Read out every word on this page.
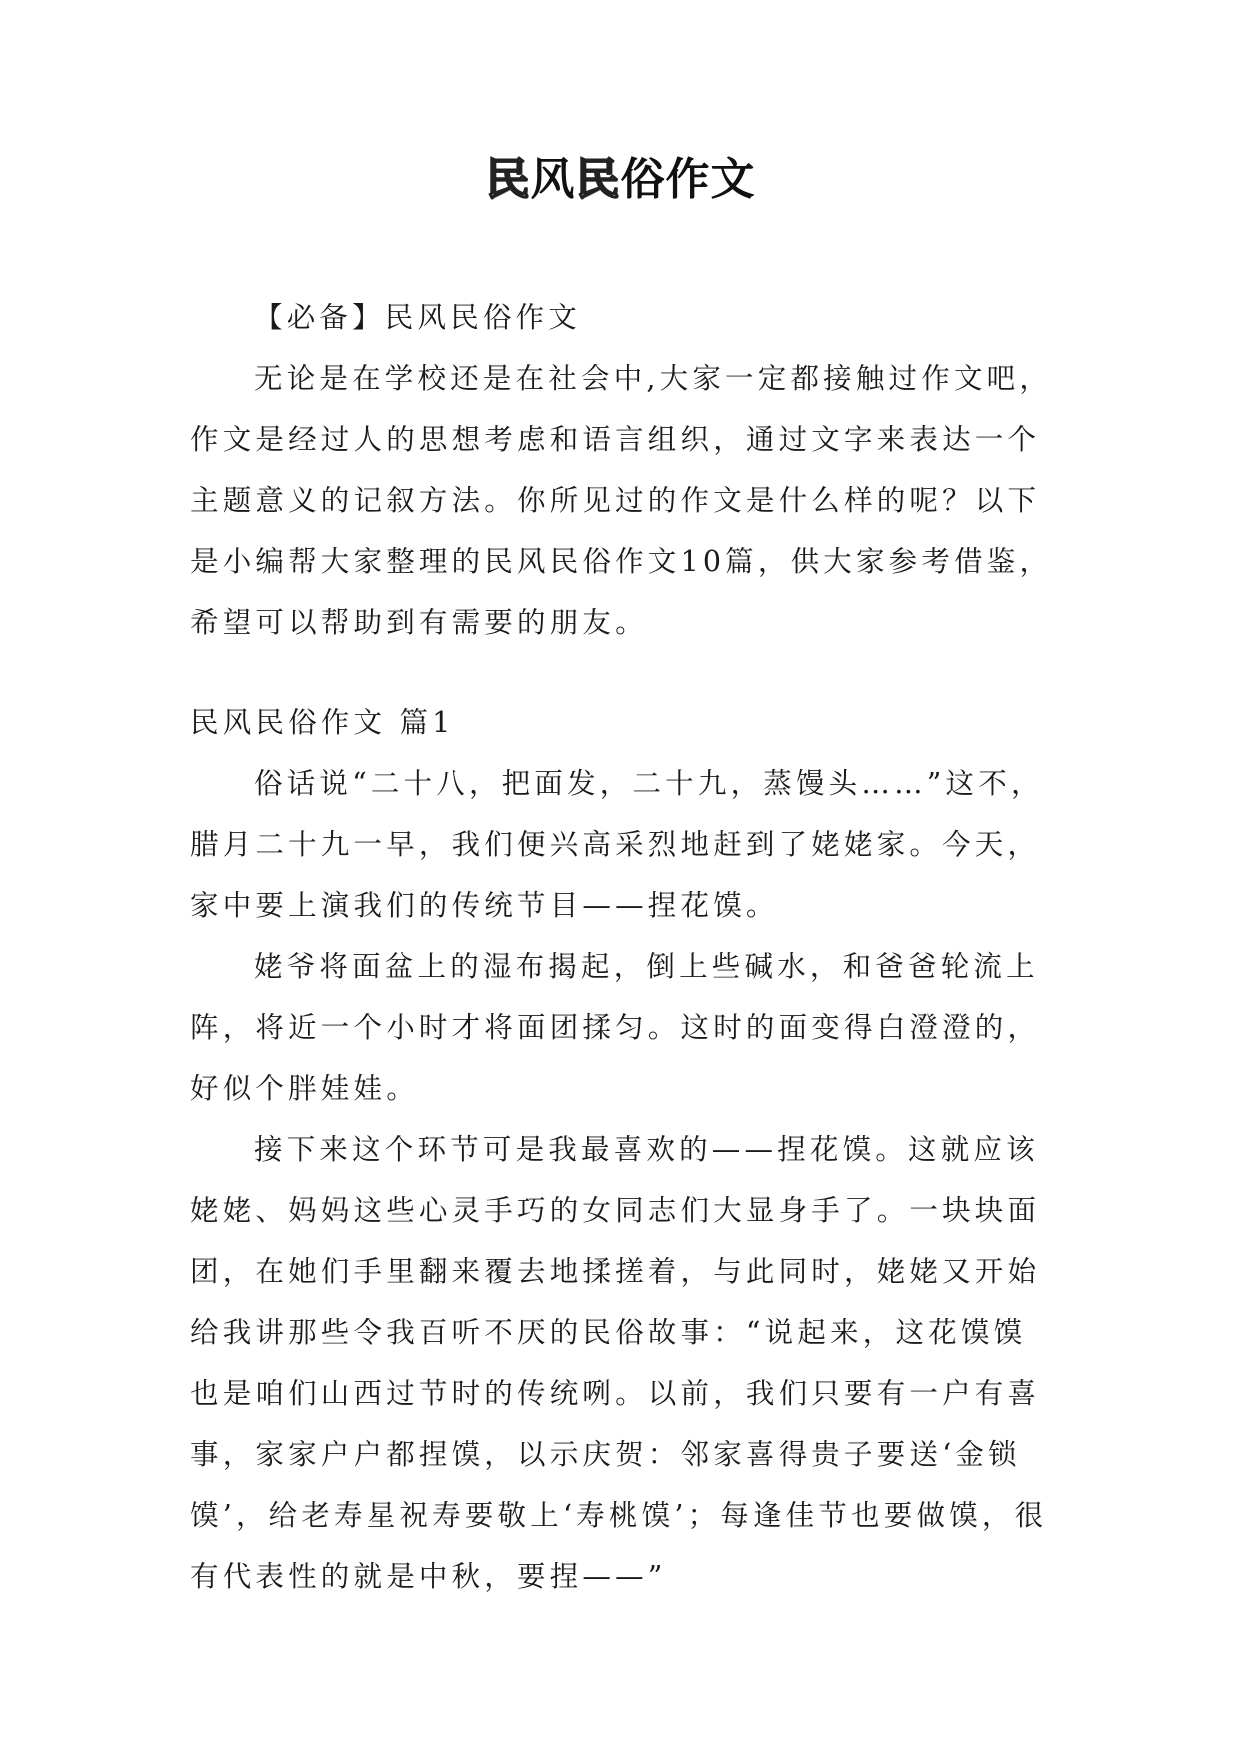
民风民俗作文

【必备】民风民俗作文

无论是在学校还是在社会中,大家一定都接触过作文吧，作文是经过人的思想考虑和语言组织，通过文字来表达一个主题意义的记叙方法。你所见过的作文是什么样的呢？以下是小编帮大家整理的民风民俗作文10篇，供大家参考借鉴，希望可以帮助到有需要的朋友。

民风民俗作文 篇1

俗话说“二十八，把面发，二十九，蒸馒头……”这不，腊月二十九一早，我们便兴高采烈地赶到了姥姥家。今天，家中要上演我们的传统节目——捏花馍。

姥爷将面盆上的湿布揭起，倒上些碱水，和爸爸轮流上阵，将近一个小时才将面团揉匀。这时的面变得白澄澄的，好似个胖娃娃。

接下来这个环节可是我最喜欢的——捏花馍。这就应该姥姥、妈妈这些心灵手巧的女同志们大显身手了。一块块面团，在她们手里翻来覆去地揉搓着，与此同时，姥姥又开始给我讲那些令我百听不厌的民俗故事：“说起来，这花馍馍也是咱们山西过节时的传统咧。以前，我们只要有一户有喜事，家家户户都捏馍，以示庆贺：邻家喜得贵子要送‘金锁馍’，给老寿星祝寿要敬上‘寿桃馍’；每逢佳节也要做馍，很有代表性的就是中秋，要捏——”
